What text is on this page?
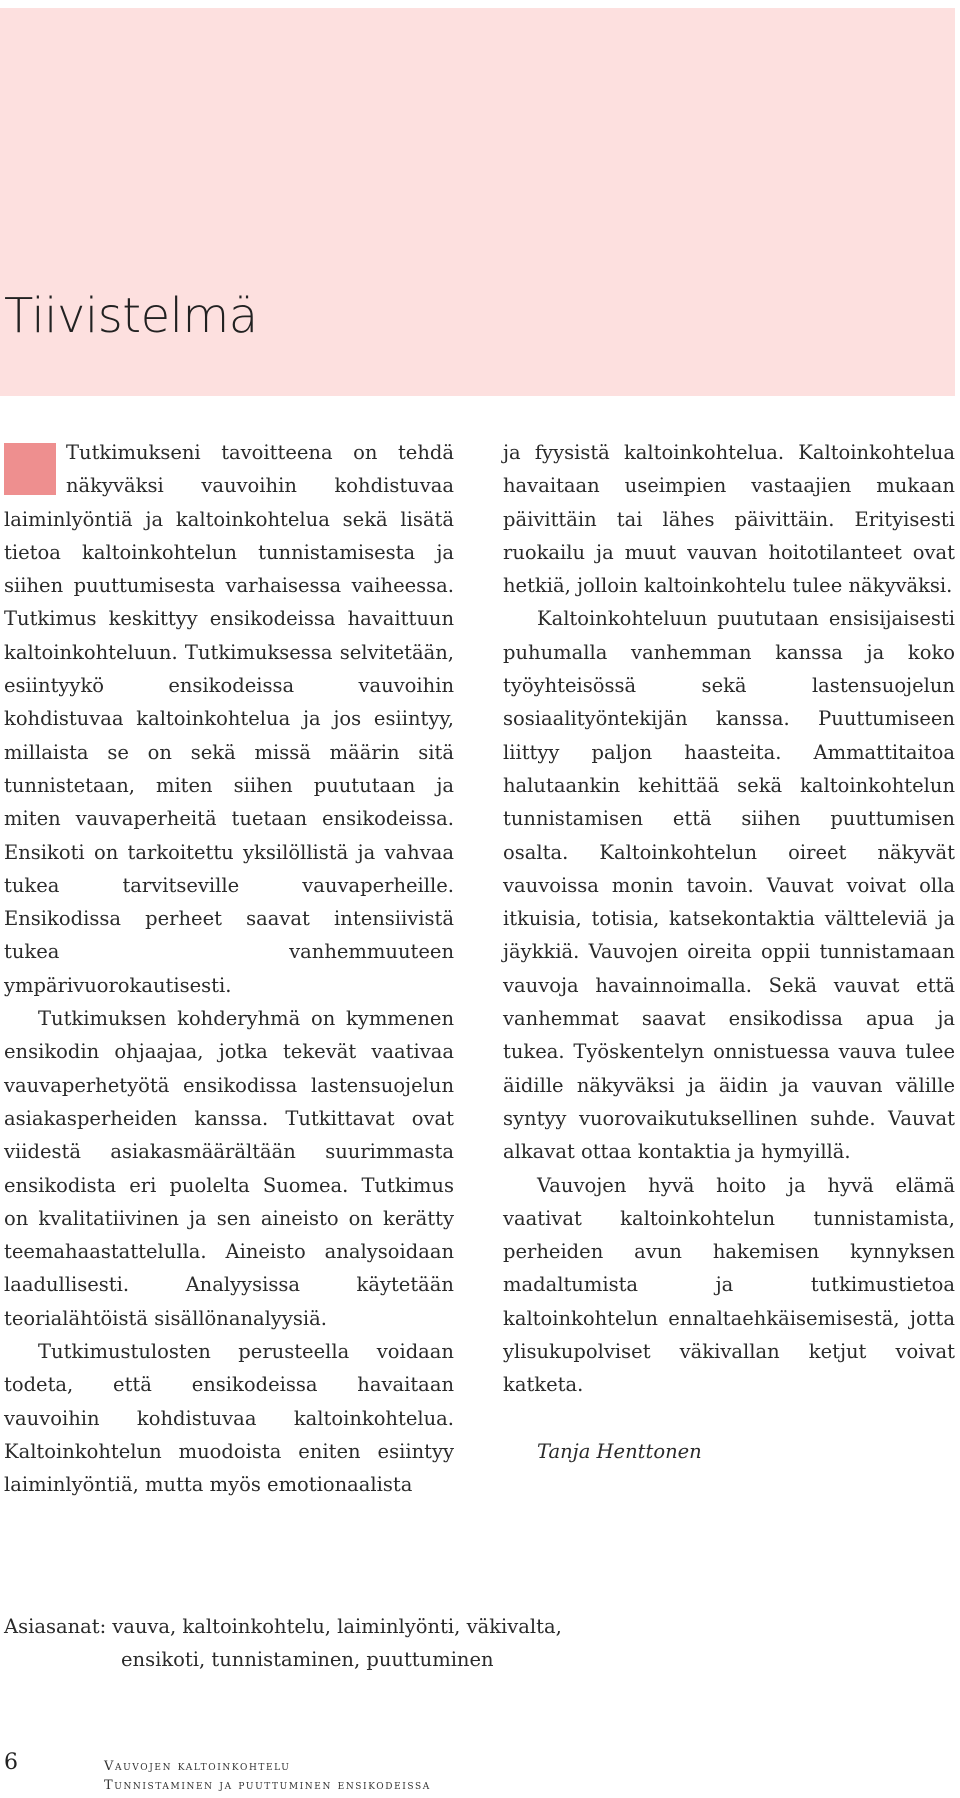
Tiivistelmä

Tutkimukseni tavoitteena on tehdä näkyväksi vauvoihin kohdistuvaa laiminlyöntiä ja kaltoinkohtelua sekä lisätä tietoa kaltoinkohtelun tunnistamisesta ja siihen puuttumisesta varhaisessa vaiheessa. Tutkimus keskittyy ensikodeissa havaittuun kaltoinkohteluun. Tutkimuksessa selvitetään, esiintyykö ensikodeissa vauvoihin kohdistuvaa kaltoinkohtelua ja jos esiintyy, millaista se on sekä missä määrin sitä tunnistetaan, miten siihen puututaan ja miten vauvaperheitä tuetaan ensikodeissa. Ensikoti on tarkoitettu yksilöllistä ja vahvaa tukea tarvitseville vauvaperheille. Ensikodissa perheet saavat intensiivistä tukea vanhemmuuteen ympärivuorokautisesti.

Tutkimuksen kohderyhmä on kymmenen ensikodin ohjaajaa, jotka tekevät vaativaa vauvaperhetyötä ensikodissa lastensuojelun asiakasperheiden kanssa. Tutkittavat ovat viidestä asiakasmäärältään suurimmasta ensikodista eri puolelta Suomea. Tutkimus on kvalitatiivinen ja sen aineisto on kerätty teemahaastattelulla. Aineisto analysoidaan laadullisesti. Analyysissa käytetään teorialähtöistä sisällönanalyysiä.

Tutkimustulosten perusteella voidaan todeta, että ensikodeissa havaitaan vauvoihin kohdistuvaa kaltoinkohtelua. Kaltoinkohtelun muodoista eniten esiintyy laiminlyöntiä, mutta myös emotionaalista

ja fyysistä kaltoinkohtelua. Kaltoinkohtelua havaitaan useimpien vastaajien mukaan päivittäin tai lähes päivittäin. Erityisesti ruokailu ja muut vauvan hoitotilanteet ovat hetkiä, jolloin kaltoinkohtelu tulee näkyväksi.

Kaltoinkohteluun puututaan ensisijaisesti puhumalla vanhemman kanssa ja koko työyhteisössä sekä lastensuojelun sosiaalityöntekijän kanssa. Puuttumiseen liittyy paljon haasteita. Ammattitaitoa halutaankin kehittää sekä kaltoinkohtelun tunnistamisen että siihen puuttumisen osalta. Kaltoinkohtelun oireet näkyvät vauvoissa monin tavoin. Vauvat voivat olla itkuisia, totisia, katsekontaktia vältteleviä ja jäykkiä. Vauvojen oireita oppii tunnistamaan vauvoja havainnoimalla. Sekä vauvat että vanhemmat saavat ensikodissa apua ja tukea. Työskentelyn onnistuessa vauva tulee äidille näkyväksi ja äidin ja vauvan välille syntyy vuorovaikutuksellinen suhde. Vauvat alkavat ottaa kontaktia ja hymyillä.

Vauvojen hyvä hoito ja hyvä elämä vaativat kaltoinkohtelun tunnistamista, perheiden avun hakemisen kynnyksen madaltumista ja tutkimustietoa kaltoinkohtelun ennaltaehkäisemisestä, jotta ylisukupolviset väkivallan ketjut voivat katketa.

Tanja Henttonen

Asiasanat: vauva, kaltoinkohtelu, laiminlyönti, väkivalta,
ensikoti, tunnistaminen, puuttuminen
6	Vauvojen kaltoinkohtelu
Tunnistaminen ja puuttuminen ensikodeissa
